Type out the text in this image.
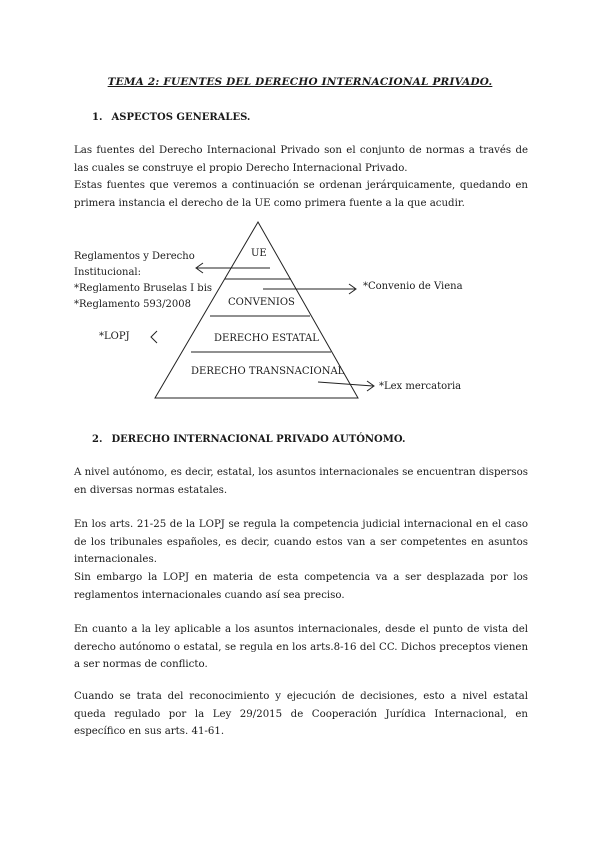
TEMA 2: FUENTES DEL DERECHO INTERNACIONAL PRIVADO.
1. ASPECTOS GENERALES.

Las fuentes del Derecho Internacional Privado son el conjunto de normas a través de las cuales se construye el propio Derecho Internacional Privado.

Estas fuentes que veremos a continuación se ordenan jerárquicamente, quedando en primera instancia el derecho de la UE como primera fuente a la que acudir.

Reglamentos y Derecho
Institucional:
*Reglamento Bruselas I bis
*Reglamento 593/2008
*LOPJ
UE
CONVENIOS
DERECHO ESTATAL
DERECHO TRANSNACIONAL
*Convenio de Viena
*Lex mercatoria
2. DERECHO INTERNACIONAL PRIVADO AUTÓNOMO.

A nivel autónomo, es decir, estatal, los asuntos internacionales se encuentran dispersos en diversas normas estatales.

En los arts. 21-25 de la LOPJ se regula la competencia judicial internacional en el caso de los tribunales españoles, es decir, cuando estos van a ser competentes en asuntos internacionales.

Sin embargo la LOPJ en materia de esta competencia va a ser desplazada por los reglamentos internacionales cuando así sea preciso.

En cuanto a la ley aplicable a los asuntos internacionales, desde el punto de vista del derecho autónomo o estatal, se regula en los arts.8-16 del CC. Dichos preceptos vienen a ser normas de conflicto.

Cuando se trata del reconocimiento y ejecución de decisiones, esto a nivel estatal queda regulado por la Ley 29/2015 de Cooperación Jurídica Internacional, en específico en sus arts. 41-61.
